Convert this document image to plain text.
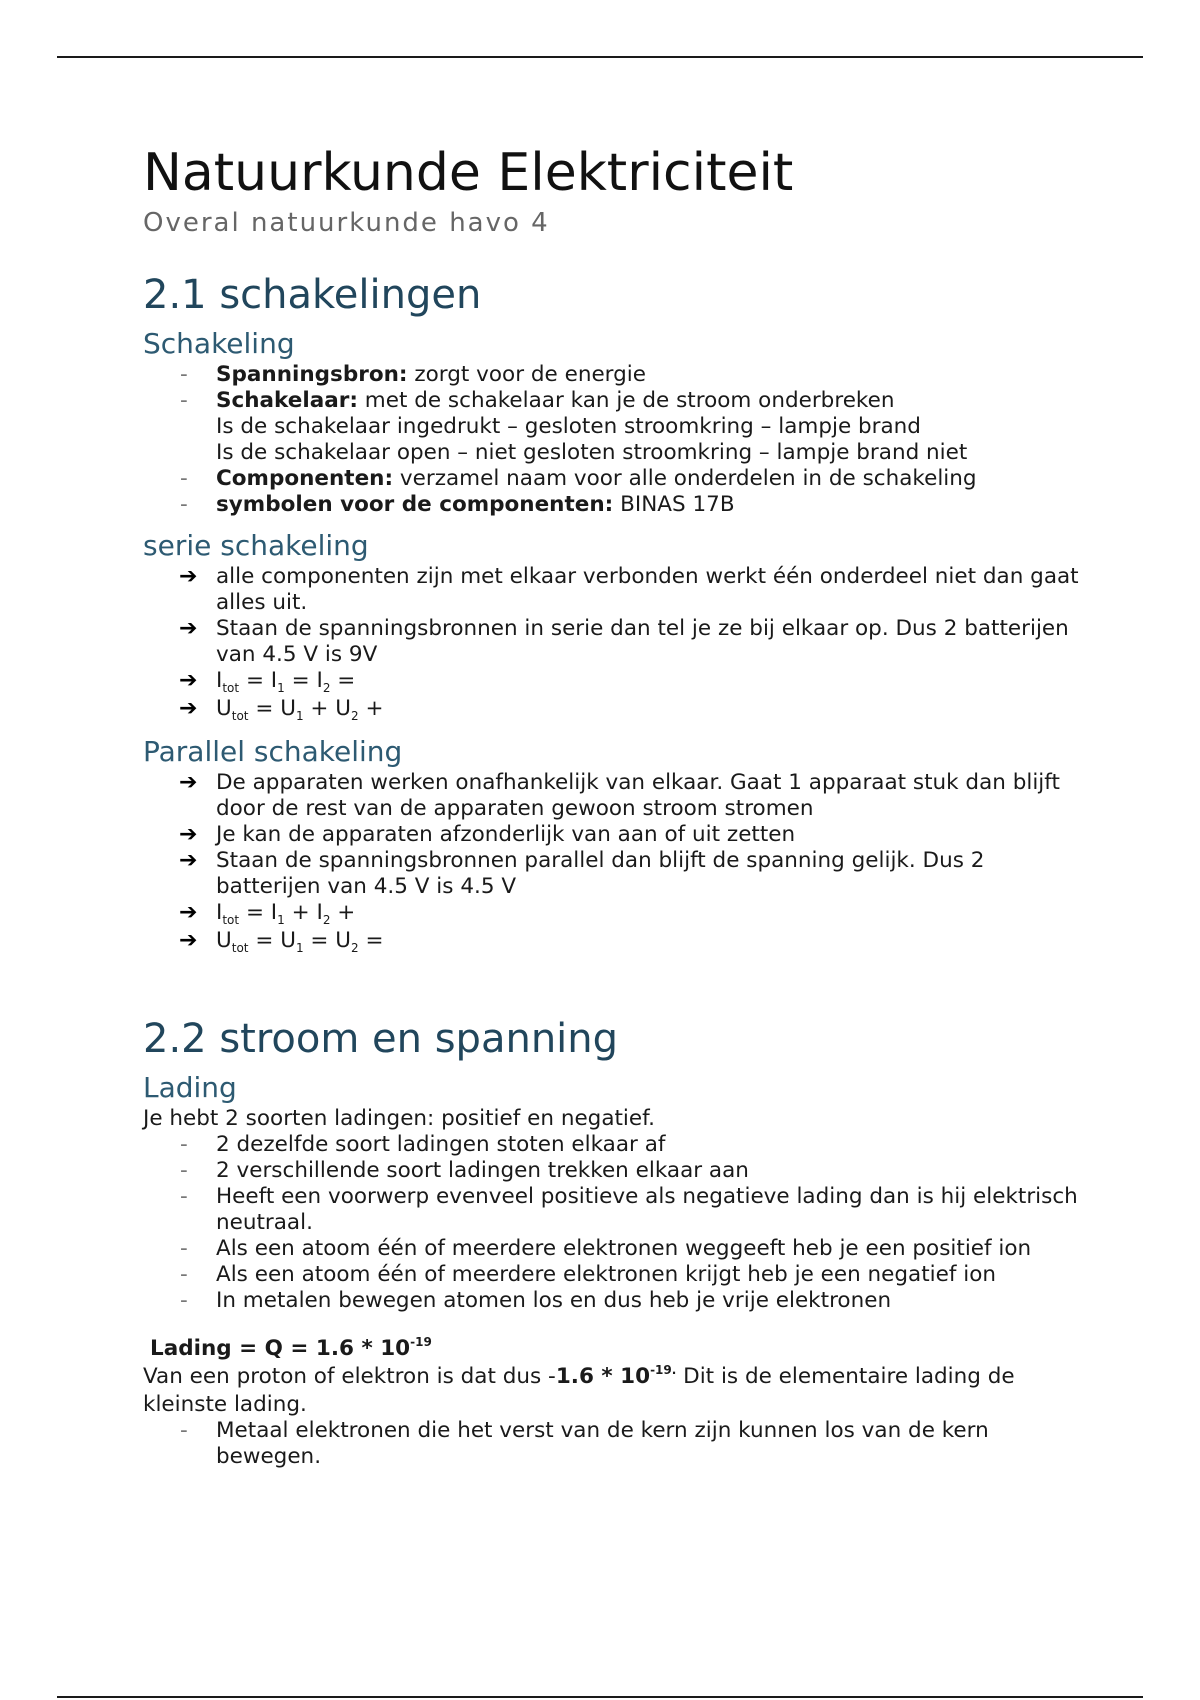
Natuurkunde Elektriciteit
Overal natuurkunde havo 4
2.1 schakelingen
Schakeling
- Spanningsbron: zorgt voor de energie
- Schakelaar: met de schakelaar kan je de stroom onderbreken
Is de schakelaar ingedrukt – gesloten stroomkring – lampje brand
Is de schakelaar open – niet gesloten stroomkring – lampje brand niet
- Componenten: verzamel naam voor alle onderdelen in de schakeling
- symbolen voor de componenten: BINAS 17B
serie schakeling
➔ alle componenten zijn met elkaar verbonden werkt één onderdeel niet dan gaat alles uit.
➔ Staan de spanningsbronnen in serie dan tel je ze bij elkaar op. Dus 2 batterijen van 4.5 V is 9V
➔ $I_{tot} = I_1 = I_2$ =
➔ $U_{tot} = U_1 + U_2$ +
Parallel schakeling
➔ De apparaten werken onafhankelijk van elkaar. Gaat 1 apparaat stuk dan blijft door de rest van de apparaten gewoon stroom stromen
➔ Je kan de apparaten afzonderlijk van aan of uit zetten
➔ Staan de spanningsbronnen parallel dan blijft de spanning gelijk. Dus 2 batterijen van 4.5 V is 4.5 V
➔ $I_{tot} = I_1 + I_2$ +
➔ $U_{tot} = U_1 = U_2$ =
2.2 stroom en spanning
Lading
Je hebt 2 soorten ladingen: positief en negatief.
- 2 dezelfde soort ladingen stoten elkaar af
- 2 verschillende soort ladingen trekken elkaar aan
- Heeft een voorwerp evenveel positieve als negatieve lading dan is hij elektrisch neutraal.
- Als een atoom één of meerdere elektronen weggeeft heb je een positief ion
- Als een atoom één of meerdere elektronen krijgt heb je een negatief ion
- In metalen bewegen atomen los en dus heb je vrije elektronen
Lading = $Q = 1.6 * 10^{-19}$
Van een proton of elektron is dat dus $-1.6 * 10^{-19.}$ Dit is de elementaire lading de kleinste lading.
- Metaal elektronen die het verst van de kern zijn kunnen los van de kern bewegen.
